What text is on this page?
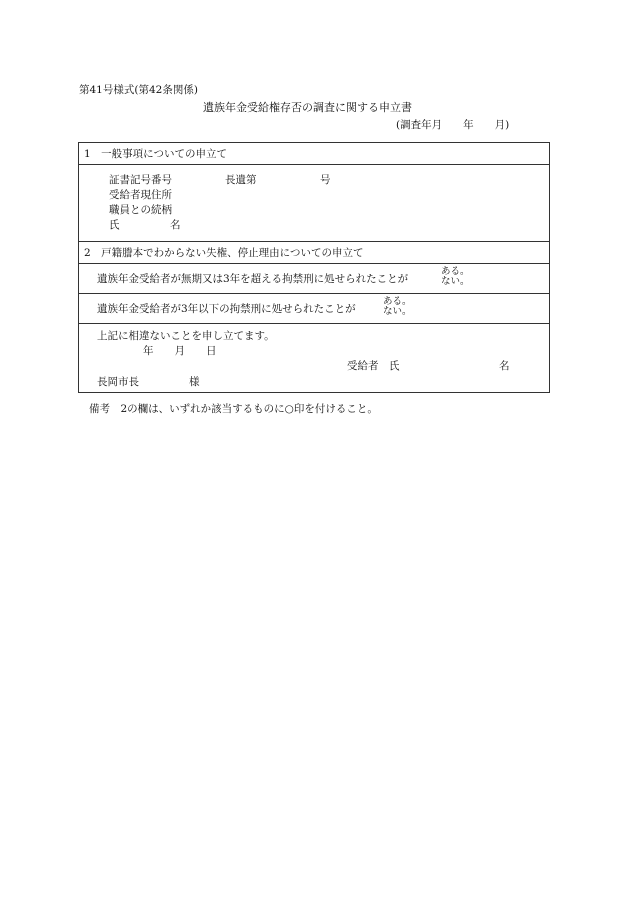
第41号様式(第42条関係)
遺族年金受給権存否の調査に関する申立書
(調査年月　　年　　月)
1　一般事項についての申立て
証書記号番号	長遺第	号
受給者現住所
職員との続柄
氏	名
2　戸籍謄本でわからない失権、停止理由についての申立て
遺族年金受給者が無期又は3年を超える拘禁刑に処せられたことが
ある。
ない。
遺族年金受給者が3年以下の拘禁刑に処せられたことが
ある。
ない。
上記に相違ないことを申し立てます。
年　　月　　日
受給者　氏	名
長岡市長	様
備考　2の欄は、いずれか該当するものに○印を付けること。
